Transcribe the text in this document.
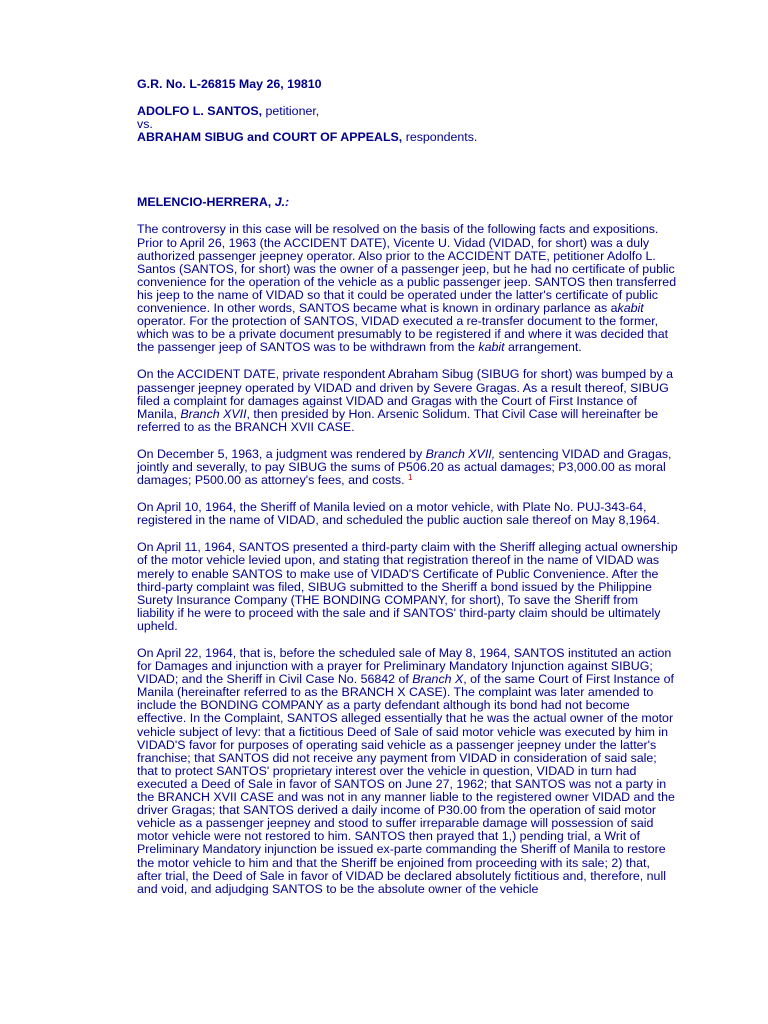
G.R. No. L-26815 May 26, 19810
ADOLFO L. SANTOS, petitioner,
vs.
ABRAHAM SIBUG and COURT OF APPEALS, respondents.
MELENCIO-HERRERA, J.:

The controversy in this case will be resolved on the basis of the following facts and expositions. Prior to April 26, 1963 (the ACCIDENT DATE), Vicente U. Vidad (VIDAD, for short) was a duly authorized passenger jeepney operator. Also prior to the ACCIDENT DATE, petitioner Adolfo L. Santos (SANTOS, for short) was the owner of a passenger jeep, but he had no certificate of public convenience for the operation of the vehicle as a public passenger jeep. SANTOS then transferred his jeep to the name of VIDAD so that it could be operated under the latter's certificate of public convenience. In other words, SANTOS became what is known in ordinary parlance as akabit operator. For the protection of SANTOS, VIDAD executed a re-transfer document to the former, which was to be a private document presumably to be registered if and where it was decided that the passenger jeep of SANTOS was to be withdrawn from the kabit arrangement.

On the ACCIDENT DATE, private respondent Abraham Sibug (SIBUG for short) was bumped by a passenger jeepney operated by VIDAD and driven by Severe Gragas. As a result thereof, SIBUG filed a complaint for damages against VIDAD and Gragas with the Court of First Instance of Manila, Branch XVII, then presided by Hon. Arsenic Solidum. That Civil Case will hereinafter be referred to as the BRANCH XVII CASE.

On December 5, 1963, a judgment was rendered by Branch XVII, sentencing VIDAD and Gragas, jointly and severally, to pay SIBUG the sums of P506.20 as actual damages; P3,000.00 as moral damages; P500.00 as attorney's fees, and costs. $^1$

On April 10, 1964, the Sheriff of Manila levied on a motor vehicle, with Plate No. PUJ-343-64, registered in the name of VIDAD, and scheduled the public auction sale thereof on May 8,1964.

On April 11, 1964, SANTOS presented a third-party claim with the Sheriff alleging actual ownership of the motor vehicle levied upon, and stating that registration thereof in the name of VIDAD was merely to enable SANTOS to make use of VIDAD'S Certificate of Public Convenience. After the third-party complaint was filed, SIBUG submitted to the Sheriff a bond issued by the Philippine Surety Insurance Company (THE BONDING COMPANY, for short), To save the Sheriff from liability if he were to proceed with the sale and if SANTOS' third-party claim should be ultimately upheld.

On April 22, 1964, that is, before the scheduled sale of May 8, 1964, SANTOS instituted an action for Damages and injunction with a prayer for Preliminary Mandatory Injunction against SIBUG; VIDAD; and the Sheriff in Civil Case No. 56842 of Branch X, of the same Court of First Instance of Manila (hereinafter referred to as the BRANCH X CASE). The complaint was later amended to include the BONDING COMPANY as a party defendant although its bond had not become effective. In the Complaint, SANTOS alleged essentially that he was the actual owner of the motor vehicle subject of levy: that a fictitious Deed of Sale of said motor vehicle was executed by him in VIDAD'S favor for purposes of operating said vehicle as a passenger jeepney under the latter's franchise; that SANTOS did not receive any payment from VIDAD in consideration of said sale; that to protect SANTOS' proprietary interest over the vehicle in question, VIDAD in turn had executed a Deed of Sale in favor of SANTOS on June 27, 1962; that SANTOS was not a party in the BRANCH XVII CASE and was not in any manner liable to the registered owner VIDAD and the driver Gragas; that SANTOS derived a daily income of P30.00 from the operation of said motor vehicle as a passenger jeepney and stood to suffer irreparable damage will possession of said motor vehicle were not restored to him. SANTOS then prayed that 1,) pending trial, a Writ of Preliminary Mandatory injunction be issued ex-parte commanding the Sheriff of Manila to restore the motor vehicle to him and that the Sheriff be enjoined from proceeding with its sale; 2) that, after trial, the Deed of Sale in favor of VIDAD be declared absolutely fictitious and, therefore, null and void, and adjudging SANTOS to be the absolute owner of the vehicle
